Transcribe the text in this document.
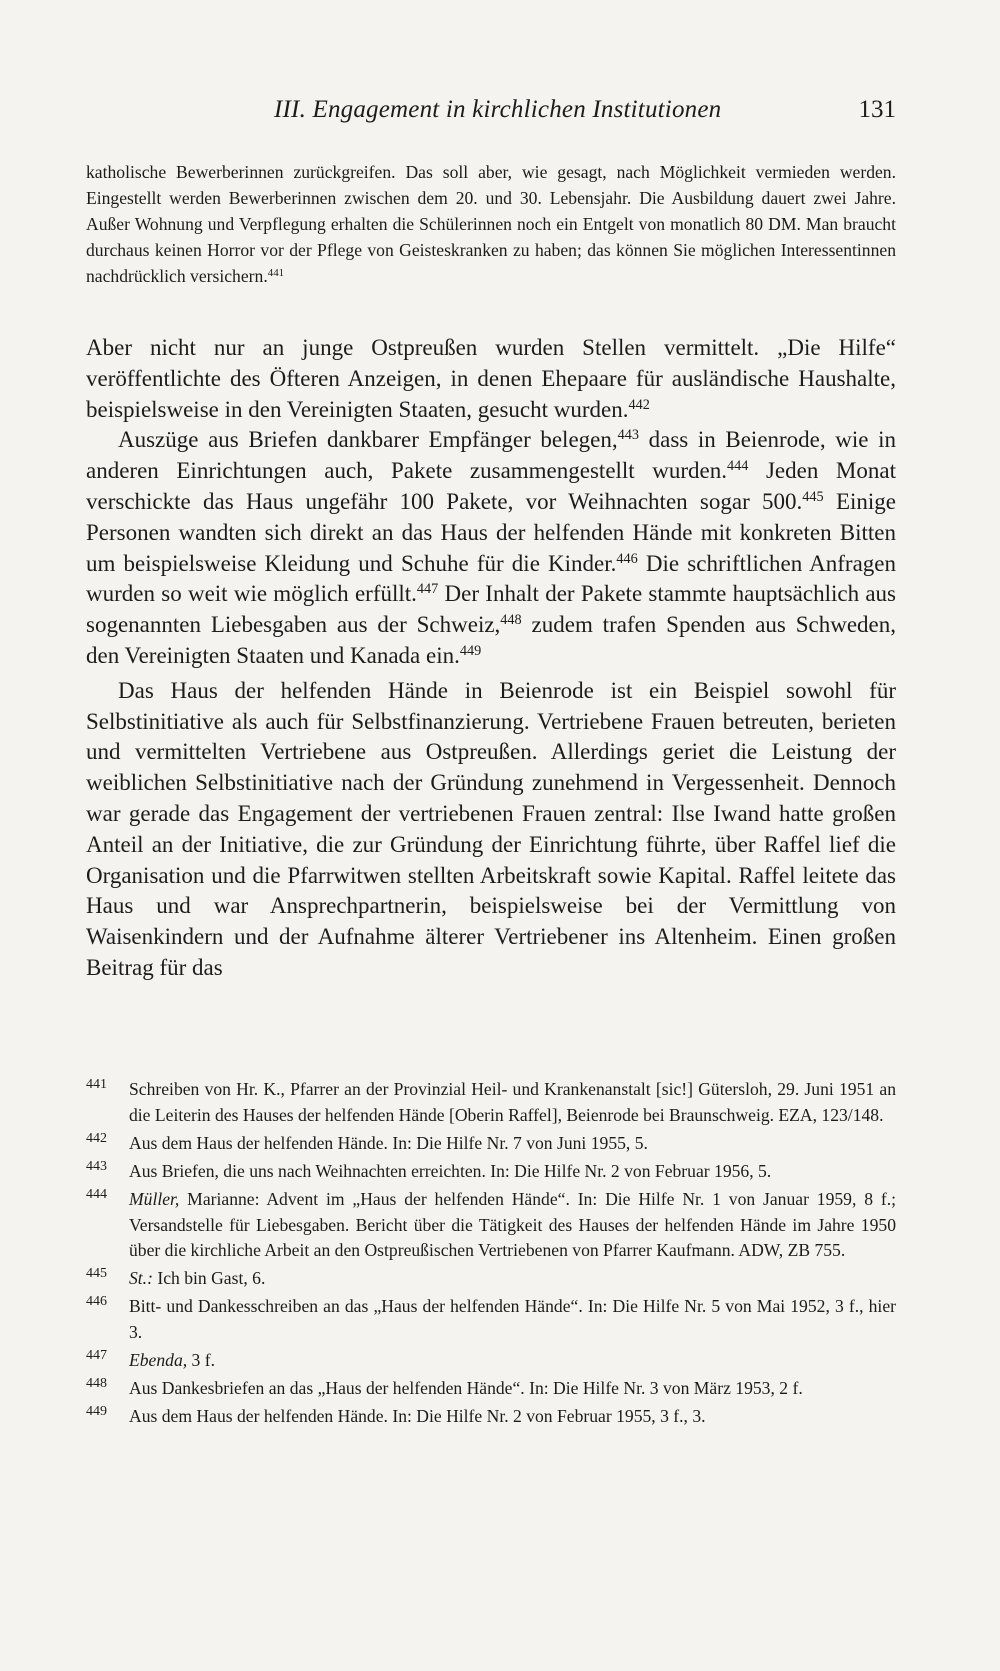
III. Engagement in kirchlichen Institutionen	131

katholische Bewerberinnen zurückgreifen. Das soll aber, wie gesagt, nach Möglichkeit vermieden werden. Eingestellt werden Bewerberinnen zwischen dem 20. und 30. Lebensjahr. Die Ausbildung dauert zwei Jahre. Außer Wohnung und Verpflegung erhalten die Schülerinnen noch ein Entgelt von monatlich 80 DM. Man braucht durchaus keinen Horror vor der Pflege von Geisteskranken zu haben; das können Sie möglichen Interessentinnen nachdrücklich versichern.$^{441}$

Aber nicht nur an junge Ostpreußen wurden Stellen vermittelt. „Die Hilfe“ veröffentlichte des Öfteren Anzeigen, in denen Ehepaare für ausländische Haushalte, beispielsweise in den Vereinigten Staaten, gesucht wurden.$^{442}$

Auszüge aus Briefen dankbarer Empfänger belegen,$^{443}$ dass in Beienrode, wie in anderen Einrichtungen auch, Pakete zusammengestellt wurden.$^{444}$ Jeden Monat verschickte das Haus ungefähr 100 Pakete, vor Weihnachten sogar 500.$^{445}$ Einige Personen wandten sich direkt an das Haus der helfenden Hände mit konkreten Bitten um beispielsweise Kleidung und Schuhe für die Kinder.$^{446}$ Die schriftlichen Anfragen wurden so weit wie möglich erfüllt.$^{447}$ Der Inhalt der Pakete stammte hauptsächlich aus sogenannten Liebesgaben aus der Schweiz,$^{448}$ zudem trafen Spenden aus Schweden, den Vereinigten Staaten und Kanada ein.$^{449}$

Das Haus der helfenden Hände in Beienrode ist ein Beispiel sowohl für Selbstinitiative als auch für Selbstfinanzierung. Vertriebene Frauen betreuten, berieten und vermittelten Vertriebene aus Ostpreußen. Allerdings geriet die Leistung der weiblichen Selbstinitiative nach der Gründung zunehmend in Vergessenheit. Dennoch war gerade das Engagement der vertriebenen Frauen zentral: Ilse Iwand hatte großen Anteil an der Initiative, die zur Gründung der Einrichtung führte, über Raffel lief die Organisation und die Pfarrwitwen stellten Arbeitskraft sowie Kapital. Raffel leitete das Haus und war Ansprechpartnerin, beispielsweise bei der Vermittlung von Waisenkindern und der Aufnahme älterer Vertriebener ins Altenheim. Einen großen Beitrag für das

441 Schreiben von Hr. K., Pfarrer an der Provinzial Heil- und Krankenanstalt [sic!] Gütersloh, 29. Juni 1951 an die Leiterin des Hauses der helfenden Hände [Oberin Raffel], Beienrode bei Braunschweig. EZA, 123/148.
442 Aus dem Haus der helfenden Hände. In: Die Hilfe Nr. 7 von Juni 1955, 5.
443 Aus Briefen, die uns nach Weihnachten erreichten. In: Die Hilfe Nr. 2 von Februar 1956, 5.
444 Müller, Marianne: Advent im „Haus der helfenden Hände“. In: Die Hilfe Nr. 1 von Januar 1959, 8 f.; Versandstelle für Liebesgaben. Bericht über die Tätigkeit des Hauses der helfenden Hände im Jahre 1950 über die kirchliche Arbeit an den Ostpreußischen Vertriebenen von Pfarrer Kaufmann. ADW, ZB 755.
445 St.: Ich bin Gast, 6.
446 Bitt- und Dankesschreiben an das „Haus der helfenden Hände“. In: Die Hilfe Nr. 5 von Mai 1952, 3 f., hier 3.
447 Ebenda, 3 f.
448 Aus Dankesbriefen an das „Haus der helfenden Hände“. In: Die Hilfe Nr. 3 von März 1953, 2 f.
449 Aus dem Haus der helfenden Hände. In: Die Hilfe Nr. 2 von Februar 1955, 3 f., 3.
